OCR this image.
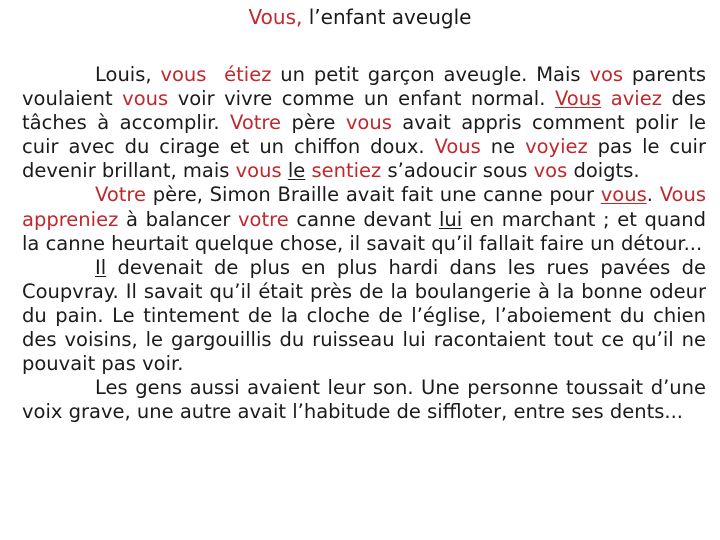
Vous, l’enfant aveugle

Louis, vous étiez un petit garçon aveugle. Mais vos parents voulaient vous voir vivre comme un enfant normal. Vous aviez des tâches à accomplir. Votre père vous avait appris comment polir le cuir avec du cirage et un chiffon doux. Vous ne voyiez pas le cuir devenir brillant, mais vous le sentiez s’adoucir sous vos doigts.

Votre père, Simon Braille avait fait une canne pour vous. Vous appreniez à balancer votre canne devant lui en marchant ; et quand la canne heurtait quelque chose, il savait qu’il fallait faire un détour...

Il devenait de plus en plus hardi dans les rues pavées de Coupvray. Il savait qu’il était près de la boulangerie à la bonne odeur du pain. Le tintement de la cloche de l’église, l’aboiement du chien des voisins, le gargouillis du ruisseau lui racontaient tout ce qu’il ne pouvait pas voir.

Les gens aussi avaient leur son. Une personne toussait d’une voix grave, une autre avait l’habitude de siffloter, entre ses dents...
